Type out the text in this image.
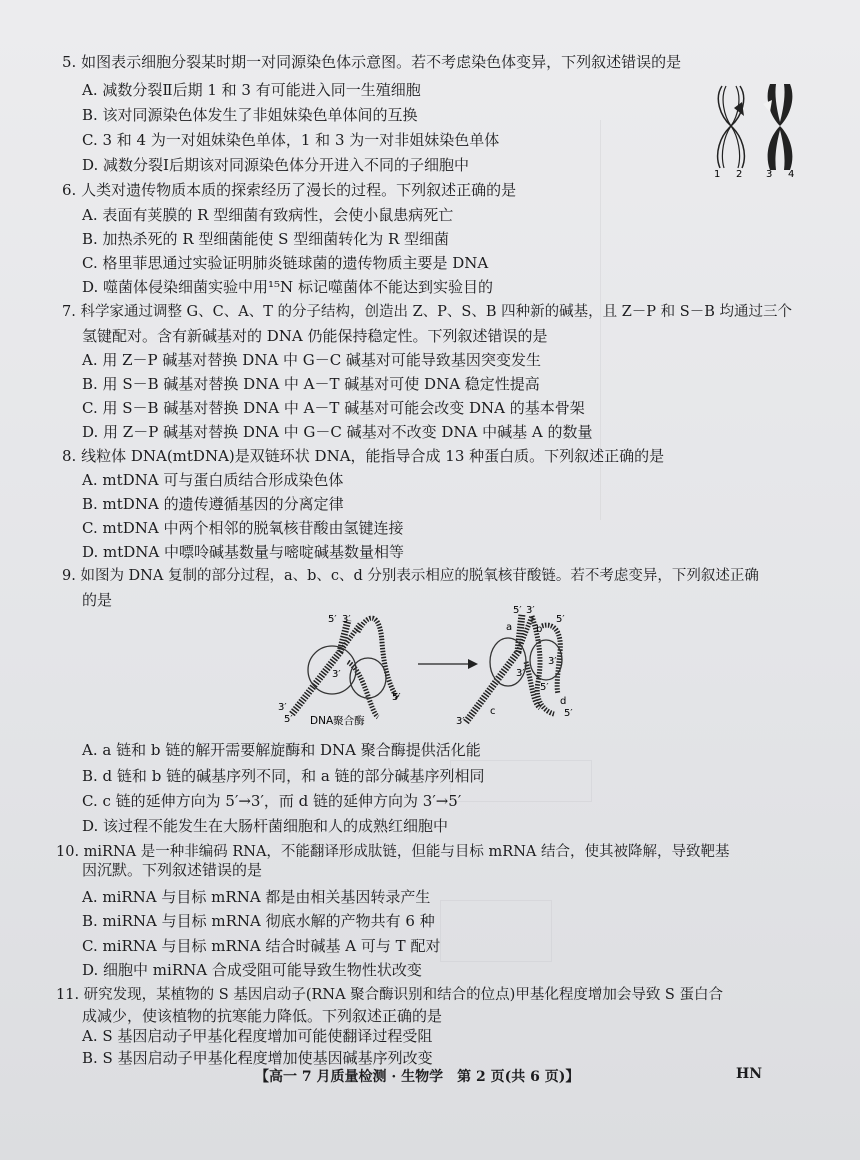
5. 如图表示细胞分裂某时期一对同源染色体示意图。若不考虑染色体变异，下列叙述错误的是
A. 减数分裂Ⅱ后期 1 和 3 有可能进入同一生殖细胞
B. 该对同源染色体发生了非姐妹染色单体间的互换
C. 3 和 4 为一对姐妹染色单体，1 和 3 为一对非姐妹染色单体
D. 减数分裂Ⅰ后期该对同源染色体分开进入不同的子细胞中
1 2 3 4
6. 人类对遗传物质本质的探索经历了漫长的过程。下列叙述正确的是
A. 表面有荚膜的 R 型细菌有致病性，会使小鼠患病死亡
B. 加热杀死的 R 型细菌能使 S 型细菌转化为 R 型细菌
C. 格里菲思通过实验证明肺炎链球菌的遗传物质主要是 DNA
D. 噬菌体侵染细菌实验中用¹⁵N 标记噬菌体不能达到实验目的
7. 科学家通过调整 G、C、A、T 的分子结构，创造出 Z、P、S、B 四种新的碱基，且 Z－P 和 S－B 均通过三个
氢键配对。含有新碱基对的 DNA 仍能保持稳定性。下列叙述错误的是
A. 用 Z－P 碱基对替换 DNA 中 G－C 碱基对可能导致基因突变发生
B. 用 S－B 碱基对替换 DNA 中 A－T 碱基对可使 DNA 稳定性提高
C. 用 S－B 碱基对替换 DNA 中 A－T 碱基对可能会改变 DNA 的基本骨架
D. 用 Z－P 碱基对替换 DNA 中 G－C 碱基对不改变 DNA 中碱基 A 的数量
8. 线粒体 DNA(mtDNA)是双链环状 DNA，能指导合成 13 种蛋白质。下列叙述正确的是
A. mtDNA 可与蛋白质结合形成染色体
B. mtDNA 的遗传遵循基因的分离定律
C. mtDNA 中两个相邻的脱氧核苷酸由氢键连接
D. mtDNA 中嘌呤碱基数量与嘧啶碱基数量相等
9. 如图为 DNA 复制的部分过程，a、b、c、d 分别表示相应的脱氧核苷酸链。若不考虑变异，下列叙述正确
的是
5′ 3′
3′
5′
3′
5′ DNA聚合酶
5′ 3′
a b
5′
3′
3′
5′
5′
c
d
3′
A. a 链和 b 链的解开需要解旋酶和 DNA 聚合酶提供活化能
B. d 链和 b 链的碱基序列不同，和 a 链的部分碱基序列相同
C. c 链的延伸方向为 5′→3′，而 d 链的延伸方向为 3′→5′
D. 该过程不能发生在大肠杆菌细胞和人的成熟红细胞中
10. miRNA 是一种非编码 RNA，不能翻译形成肽链，但能与目标 mRNA 结合，使其被降解，导致靶基
因沉默。下列叙述错误的是
A. miRNA 与目标 mRNA 都是由相关基因转录产生
B. miRNA 与目标 mRNA 彻底水解的产物共有 6 种
C. miRNA 与目标 mRNA 结合时碱基 A 可与 T 配对
D. 细胞中 miRNA 合成受阻可能导致生物性状改变
11. 研究发现，某植物的 S 基因启动子(RNA 聚合酶识别和结合的位点)甲基化程度增加会导致 S 蛋白合
成减少，使该植物的抗寒能力降低。下列叙述正确的是
A. S 基因启动子甲基化程度增加可能使翻译过程受阻
B. S 基因启动子甲基化程度增加使基因碱基序列改变
【高一 7 月质量检测 · 生物学　第 2 页(共 6 页)】	HN
